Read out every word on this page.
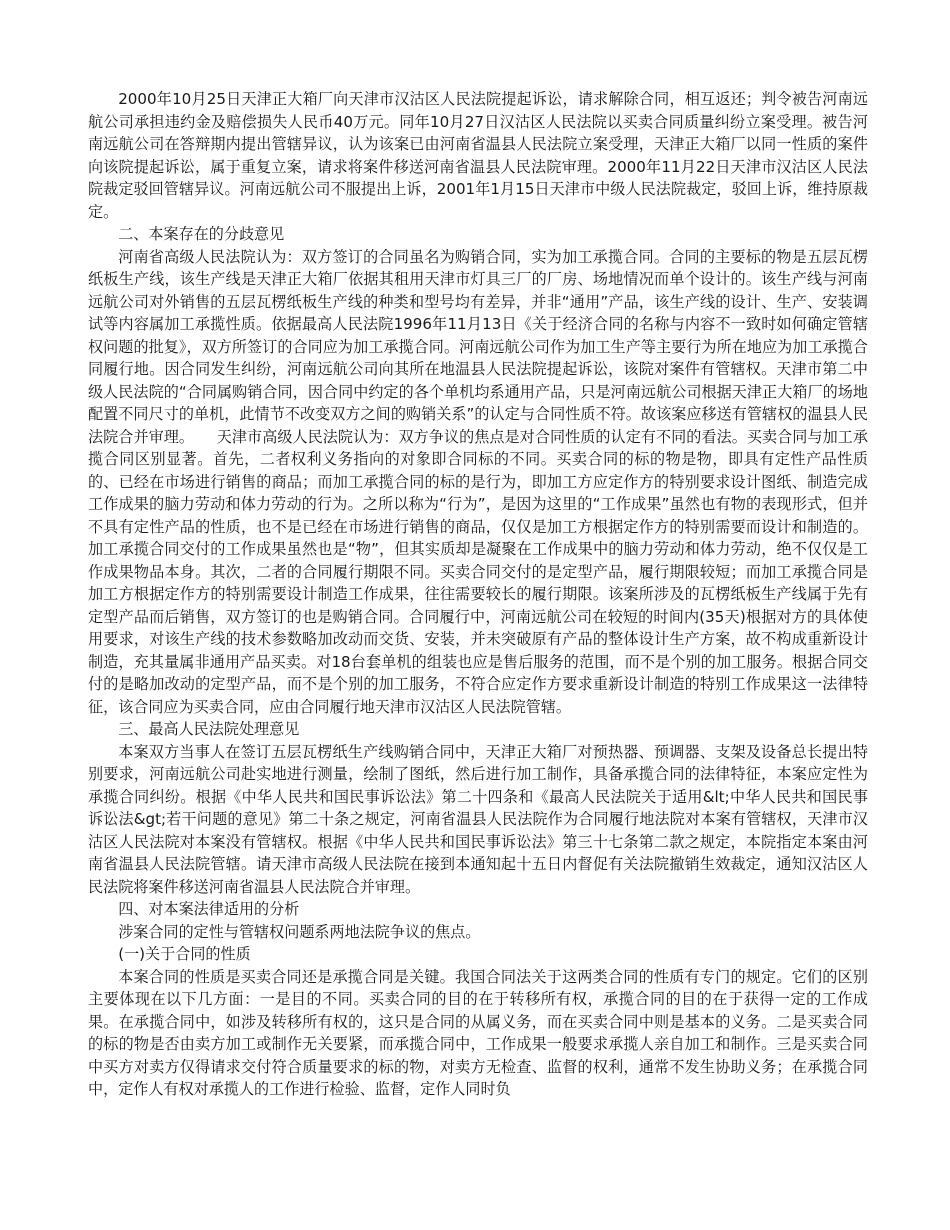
2000年10月25日天津正大箱厂向天津市汉沽区人民法院提起诉讼，请求解除合同，相互返还；判令被告河南远航公司承担违约金及赔偿损失人民币40万元。同年10月27日汉沽区人民法院以买卖合同质量纠纷立案受理。被告河南远航公司在答辩期内提出管辖异议，认为该案已由河南省温县人民法院立案受理，天津正大箱厂以同一性质的案件向该院提起诉讼，属于重复立案，请求将案件移送河南省温县人民法院审理。2000年11月22日天津市汉沽区人民法院裁定驳回管辖异议。河南远航公司不服提出上诉，2001年1月15日天津市中级人民法院裁定，驳回上诉，维持原裁定。

二、本案存在的分歧意见

河南省高级人民法院认为：双方签订的合同虽名为购销合同，实为加工承揽合同。合同的主要标的物是五层瓦楞纸板生产线，该生产线是天津正大箱厂依据其租用天津市灯具三厂的厂房、场地情况而单个设计的。该生产线与河南远航公司对外销售的五层瓦楞纸板生产线的种类和型号均有差异，并非“通用”产品，该生产线的设计、生产、安装调试等内容属加工承揽性质。依据最高人民法院1996年11月13日《关于经济合同的名称与内容不一致时如何确定管辖权问题的批复》，双方所签订的合同应为加工承揽合同。河南远航公司作为加工生产等主要行为所在地应为加工承揽合同履行地。因合同发生纠纷，河南远航公司向其所在地温县人民法院提起诉讼，该院对案件有管辖权。天津市第二中级人民法院的“合同属购销合同，因合同中约定的各个单机均系通用产品，只是河南远航公司根据天津正大箱厂的场地配置不同尺寸的单机，此情节不改变双方之间的购销关系”的认定与合同性质不符。故该案应移送有管辖权的温县人民法院合并审理。　　天津市高级人民法院认为：双方争议的焦点是对合同性质的认定有不同的看法。买卖合同与加工承揽合同区别显著。首先，二者权利义务指向的对象即合同标的不同。买卖合同的标的物是物，即具有定性产品性质的、已经在市场进行销售的商品；而加工承揽合同的标的是行为，即加工方应定作方的特别要求设计图纸、制造完成工作成果的脑力劳动和体力劳动的行为。之所以称为“行为”，是因为这里的“工作成果”虽然也有物的表现形式，但并不具有定性产品的性质，也不是已经在市场进行销售的商品，仅仅是加工方根据定作方的特别需要而设计和制造的。加工承揽合同交付的工作成果虽然也是“物”，但其实质却是凝聚在工作成果中的脑力劳动和体力劳动，绝不仅仅是工作成果物品本身。其次，二者的合同履行期限不同。买卖合同交付的是定型产品，履行期限较短；而加工承揽合同是加工方根据定作方的特别需要设计制造工作成果，往往需要较长的履行期限。该案所涉及的瓦楞纸板生产线属于先有定型产品而后销售，双方签订的也是购销合同。合同履行中，河南远航公司在较短的时间内(35天)根据对方的具体使用要求，对该生产线的技术参数略加改动而交货、安装，并未突破原有产品的整体设计生产方案，故不构成重新设计制造，充其量属非通用产品买卖。对18台套单机的组装也应是售后服务的范围，而不是个别的加工服务。根据合同交付的是略加改动的定型产品，而不是个别的加工服务，不符合应定作方要求重新设计制造的特别工作成果这一法律特征，该合同应为买卖合同，应由合同履行地天津市汉沽区人民法院管辖。

三、最高人民法院处理意见

本案双方当事人在签订五层瓦楞纸生产线购销合同中，天津正大箱厂对预热器、预调器、支架及设备总长提出特别要求，河南远航公司赴实地进行测量，绘制了图纸，然后进行加工制作，具备承揽合同的法律特征，本案应定性为承揽合同纠纷。根据《中华人民共和国民事诉讼法》第二十四条和《最高人民法院关于适用&lt;中华人民共和国民事诉讼法&gt;若干问题的意见》第二十条之规定，河南省温县人民法院作为合同履行地法院对本案有管辖权，天津市汉沽区人民法院对本案没有管辖权。根据《中华人民共和国民事诉讼法》第三十七条第二款之规定，本院指定本案由河南省温县人民法院管辖。请天津市高级人民法院在接到本通知起十五日内督促有关法院撤销生效裁定，通知汉沽区人民法院将案件移送河南省温县人民法院合并审理。

四、对本案法律适用的分析

涉案合同的定性与管辖权问题系两地法院争议的焦点。

(一)关于合同的性质

本案合同的性质是买卖合同还是承揽合同是关键。我国合同法关于这两类合同的性质有专门的规定。它们的区别主要体现在以下几方面：一是目的不同。买卖合同的目的在于转移所有权，承揽合同的目的在于获得一定的工作成果。在承揽合同中，如涉及转移所有权的，这只是合同的从属义务，而在买卖合同中则是基本的义务。二是买卖合同的标的物是否由卖方加工或制作无关要紧，而承揽合同中，工作成果一般要求承揽人亲自加工和制作。三是买卖合同中买方对卖方仅得请求交付符合质量要求的标的物，对卖方无检查、监督的权利，通常不发生协助义务；在承揽合同中，定作人有权对承揽人的工作进行检验、监督，定作人同时负
